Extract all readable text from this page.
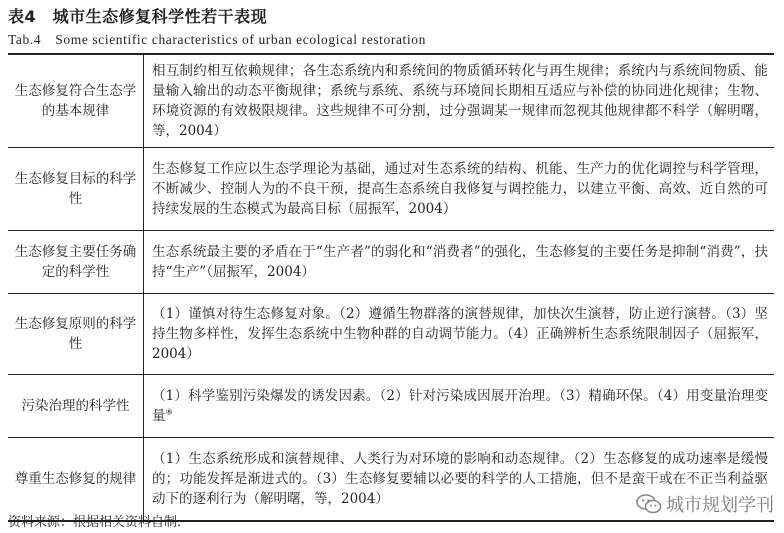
表4　城市生态修复科学性若干表现
Tab.4　Some scientific characteristics of urban ecological restoration
生态修复符合生态学的基本规律	相互制约相互依赖规律；各生态系统内和系统间的物质循环转化与再生规律；系统内与系统间物质、能量输入输出的动态平衡规律；系统与系统、系统与环境间长期相互适应与补偿的协同进化规律；生物、环境资源的有效极限规律。这些规律不可分割，过分强调某一规律而忽视其他规律都不科学（解明曙，等，2004）
生态修复目标的科学性	生态修复工作应以生态学理论为基础，通过对生态系统的结构、机能、生产力的优化调控与科学管理，不断减少、控制人为的不良干预，提高生态系统自我修复与调控能力，以建立平衡、高效、近自然的可持续发展的生态模式为最高目标（屈振军，2004）
生态修复主要任务确定的科学性	生态系统最主要的矛盾在于“生产者”的弱化和“消费者”的强化，生态修复的主要任务是抑制“消费”，扶持“生产”（屈振军，2004）
生态修复原则的科学性	（1）谨慎对待生态修复对象。（2）遵循生物群落的演替规律，加快次生演替，防止逆行演替。（3）坚持生物多样性，发挥生态系统中生物种群的自动调节能力。（4）正确辨析生态系统限制因子（屈振军，2004）
污染治理的科学性	（1）科学鉴别污染爆发的诱发因素。（2）针对污染成因展开治理。（3）精确环保。（4）用变量治理变量⑧
尊重生态修复的规律	（1）生态系统形成和演替规律、人类行为对环境的影响和动态规律。（2）生态修复的成功速率是缓慢的；功能发挥是渐进式的。（3）生态修复要辅以必要的科学的人工措施，但不是蛮干或在不正当利益驱动下的逐利行为（解明曙，等，2004）
资料来源：根据相关资料自制．
城市规划学刊
